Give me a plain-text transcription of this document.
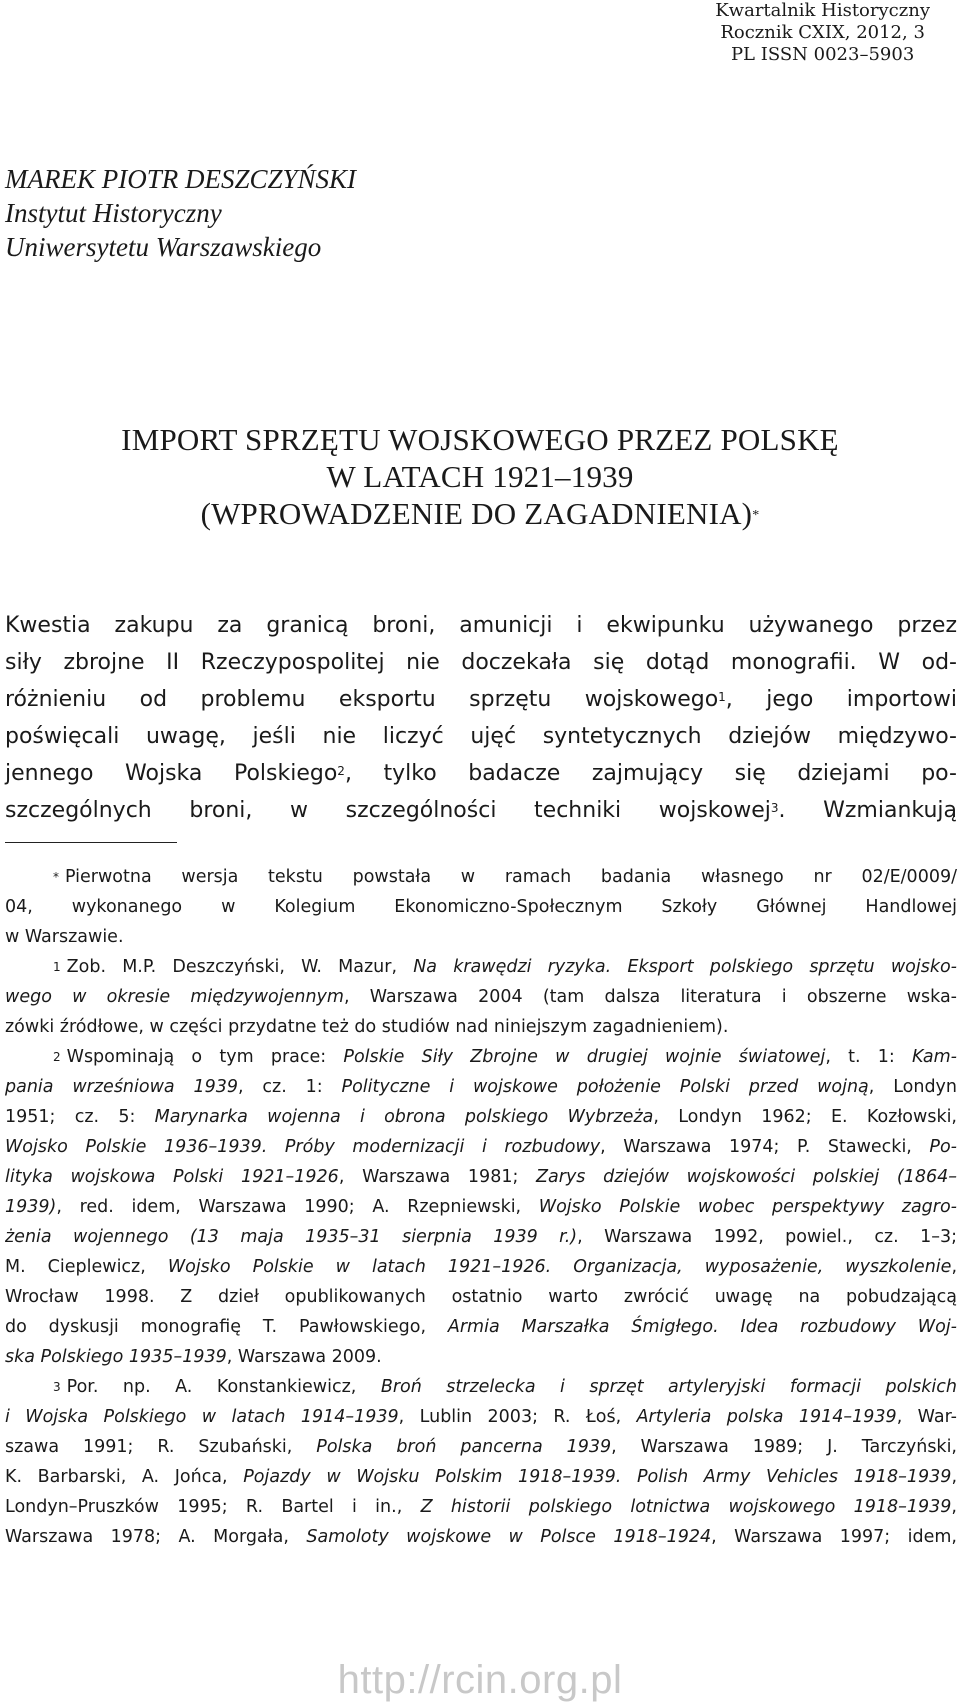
Kwartalnik Historyczny
Rocznik CXIX, 2012, 3
PL ISSN 0023–5903
MAREK PIOTR DESZCZYŃSKI
Instytut Historyczny
Uniwersytetu Warszawskiego
IMPORT SPRZĘTU WOJSKOWEGO PRZEZ POLSKĘ
W LATACH 1921–1939
(WPROWADZENIE DO ZAGADNIENIA)*
Kwestia zakupu za granicą broni, amunicji i ekwipunku używanego przez
siły zbrojne II Rzeczypospolitej nie doczekała się dotąd monografii. W od-
różnieniu od problemu eksportu sprzętu wojskowego$^1$, jego importowi
poświęcali uwagę, jeśli nie liczyć ujęć syntetycznych dziejów międzywo-
jennego Wojska Polskiego$^2$, tylko badacze zajmujący się dziejami po-
szczególnych broni, w szczególności techniki wojskowej$^3$. Wzmiankują
* Pierwotna wersja tekstu powstała w ramach badania własnego nr 02/E/0009/
04, wykonanego w Kolegium Ekonomiczno-Społecznym Szkoły Głównej Handlowej
w Warszawie.
$^1$ Zob. M.P. Deszczyński, W. Mazur, Na krawędzi ryzyka. Eksport polskiego sprzętu wojsko-
wego w okresie międzywojennym, Warszawa 2004 (tam dalsza literatura i obszerne wska-
zówki źródłowe, w części przydatne też do studiów nad niniejszym zagadnieniem).
$^2$ Wspominają o tym prace: Polskie Siły Zbrojne w drugiej wojnie światowej, t. 1: Kam-
pania wrześniowa 1939, cz. 1: Polityczne i wojskowe położenie Polski przed wojną, Londyn
1951; cz. 5: Marynarka wojenna i obrona polskiego Wybrzeża, Londyn 1962; E. Kozłowski,
Wojsko Polskie 1936–1939. Próby modernizacji i rozbudowy, Warszawa 1974; P. Stawecki, Po-
lityka wojskowa Polski 1921–1926, Warszawa 1981; Zarys dziejów wojskowości polskiej (1864–
1939), red. idem, Warszawa 1990; A. Rzepniewski, Wojsko Polskie wobec perspektywy zagro-
żenia wojennego (13 maja 1935–31 sierpnia 1939 r.), Warszawa 1992, powiel., cz. 1–3;
M. Cieplewicz, Wojsko Polskie w latach 1921–1926. Organizacja, wyposażenie, wyszkolenie,
Wrocław 1998. Z dzieł opublikowanych ostatnio warto zwrócić uwagę na pobudzającą
do dyskusji monografię T. Pawłowskiego, Armia Marszałka Śmigłego. Idea rozbudowy Woj-
ska Polskiego 1935–1939, Warszawa 2009.
$^3$ Por. np. A. Konstankiewicz, Broń strzelecka i sprzęt artyleryjski formacji polskich
i Wojska Polskiego w latach 1914–1939, Lublin 2003; R. Łoś, Artyleria polska 1914–1939, War-
szawa 1991; R. Szubański, Polska broń pancerna 1939, Warszawa 1989; J. Tarczyński,
K. Barbarski, A. Jońca, Pojazdy w Wojsku Polskim 1918–1939. Polish Army Vehicles 1918–1939,
Londyn–Pruszków 1995; R. Bartel i in., Z historii polskiego lotnictwa wojskowego 1918–1939,
Warszawa 1978; A. Morgała, Samoloty wojskowe w Polsce 1918–1924, Warszawa 1997; idem,
http://rcin.org.pl
